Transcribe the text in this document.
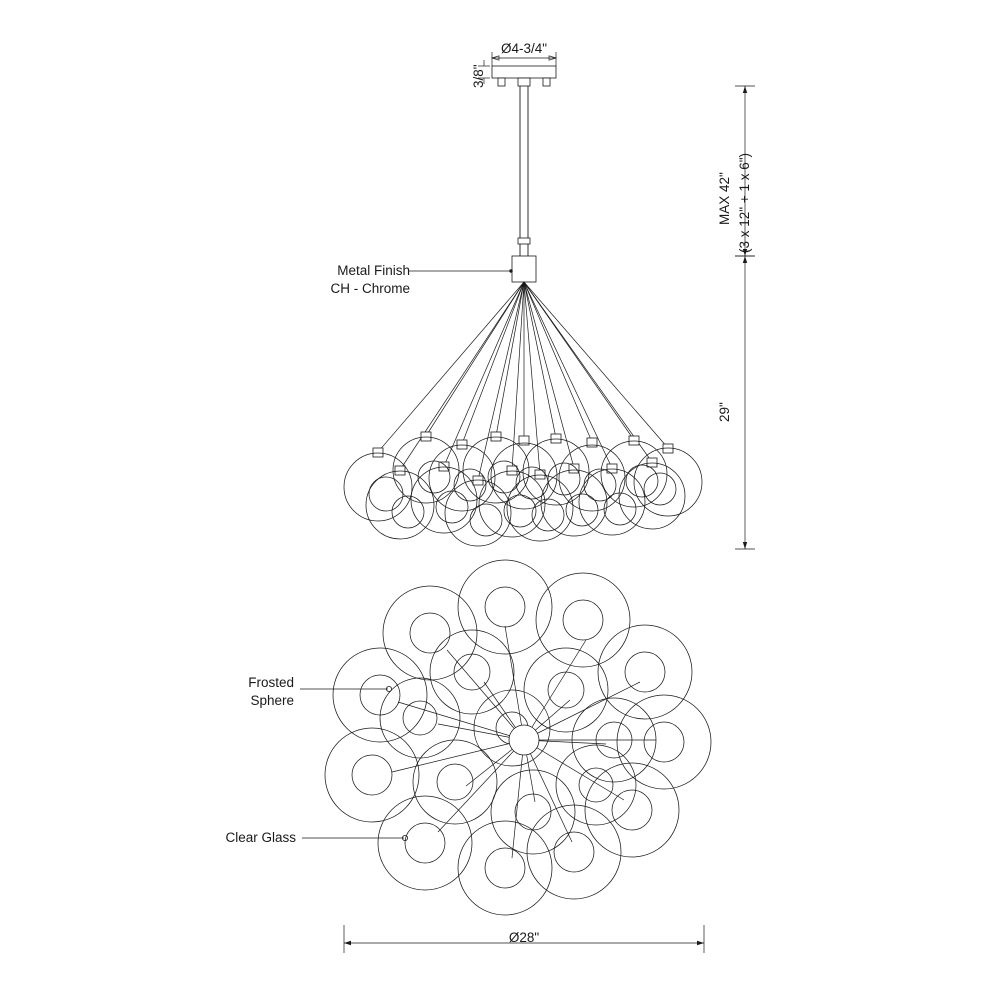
Ø4-3/4"
3/8"
MAX 42" (3 x 12" + 1 x 6")
29"
Metal Finish
CH - Chrome
Frosted
Sphere
Clear Glass
Ø28"
